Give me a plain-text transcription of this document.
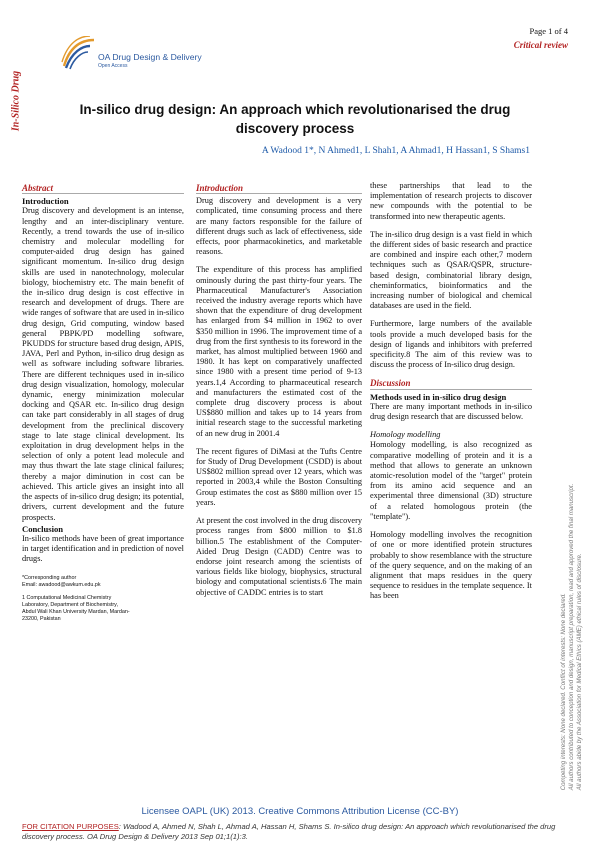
OA Drug Design & Delivery
Open Access
Page 1 of 4
Critical review
In-Silico Drug	In-silico drug design: An approach which revolutionarised the drug discovery process
A Wadood 1*, N Ahmed1, L Shah1, A Ahmad1, H Hassan1, S Shams1
Abstract
Introduction

Drug discovery and development is an intense, lengthy and an inter-disciplinary venture. Recently, a trend towards the use of in-silico chemistry and molecular modelling for computer-aided drug design has gained significant momentum. In-silico drug design skills are used in nanotechnology, molecular biology, biochemistry etc. The main benefit of the in-silico drug design is cost effective in research and development of drugs. There are wide ranges of software that are used in in-silico drug design, Grid computing, window based general PBPK/PD modelling software, PKUDDS for structure based drug design, APIS, JAVA, Perl and Python, in-silico drug design as well as software including software libraries. There are different techniques used in in-silico drug design visualization, homology, molecular dynamic, energy minimization molecular docking and QSAR etc. In-silico drug design can take part considerably in all stages of drug development from the preclinical discovery stage to late stage clinical development. Its exploitation in drug development helps in the selection of only a potent lead molecule and may thus thwart the late stage clinical failures; thereby a major diminution in cost can be achieved. This article gives an insight into all the aspects of in-silico drug design; its potential, drivers, current development and the future prospects.

Conclusion

In-silico methods have been of great importance in target identification and in prediction of novel drugs.

*Corresponding author
Email: awadood@awkum.edu.pk
1 Computational Medicinal Chemistry
Laboratory, Department of Biochemistry,
Abdul Wali Khan University Mardan, Mardan-
23200, Pakistan
Introduction

Drug discovery and development is a very complicated, time consuming process and there are many factors responsible for the failure of different drugs such as lack of effectiveness, side effects, poor pharmacokinetics, and marketable reasons.

The expenditure of this process has amplified ominously during the past thirty-four years. The Pharmaceutical Manufacturer's Association received the industry average reports which have shown that the expenditure of drug development has enlarged from $4 million in 1962 to over $350 million in 1996. The improvement time of a drug from the first synthesis to its foreword in the market, has almost multiplied between 1960 and 1980. It has kept on comparatively unaffected since 1980 with a present time period of 9-13 years.1,4 According to pharmaceutical research and manufacturers the estimated cost of the complete drug discovery process is about US$880 million and takes up to 14 years from initial research stage to the successful marketing of an new drug in 2001.4

The recent figures of DiMasi at the Tufts Centre for Study of Drug Development (CSDD) is about US$802 million spread over 12 years, which was reported in 2003,4 while the Boston Consulting Group estimates the cost as $880 million over 15 years.

At present the cost involved in the drug discovery process ranges from $800 million to $1.8 billion.5 The establishment of the Computer-Aided Drug Design (CADD) Centre was to endorse joint research among the scientists of various fields like biology, biophysics, structural biology and computational scientists.6 The main objective of CADDC entries is to start

these partnerships that lead to the implementation of research projects to discover new compounds with the potential to be transformed into new therapeutic agents.

The in-silico drug design is a vast field in which the different sides of basic research and practice are combined and inspire each other,7 modern techniques such as QSAR/QSPR, structure-based design, combinatorial library design, cheminformatics, bioinformatics and the increasing number of biological and chemical databases are used in the field.

Furthermore, large numbers of the available tools provide a much developed basis for the design of ligands and inhibitors with preferred specificity.8 The aim of this review was to discuss the process of In-silico drug design.

Discussion
Methods used in in-silico drug design

There are many important methods in in-silico drug design research that are discussed below.

Homology modelling

Homology modelling, is also recognized as comparative modelling of protein and it is a method that allows to generate an unknown atomic-resolution model of the "target" protein from its amino acid sequence and an experimental three dimensional (3D) structure of a related homologous protein (the "template").

Homology modelling involves the recognition of one or more identified protein structures probably to show resemblance with the structure of the query sequence, and on the making of an alignment that maps residues in the query sequence to residues in the template sequence. It has been	Competing interests: None declared. Conflict of interests: None declared. All authors contributed to conception and design, manuscript preparation, read and approved the final manuscript. All authors abide by the Association for Medical Ethics (AME) ethical rules of disclosure.
Licensee OAPL (UK) 2013. Creative Commons Attribution License (CC-BY)
FOR CITATION PURPOSES: Wadood A, Ahmed N, Shah L, Ahmad A, Hassan H, Shams S. In-silico drug design: An approach which revolutionarised the drug discovery process. OA Drug Design & Delivery 2013 Sep 01;1(1):3.
